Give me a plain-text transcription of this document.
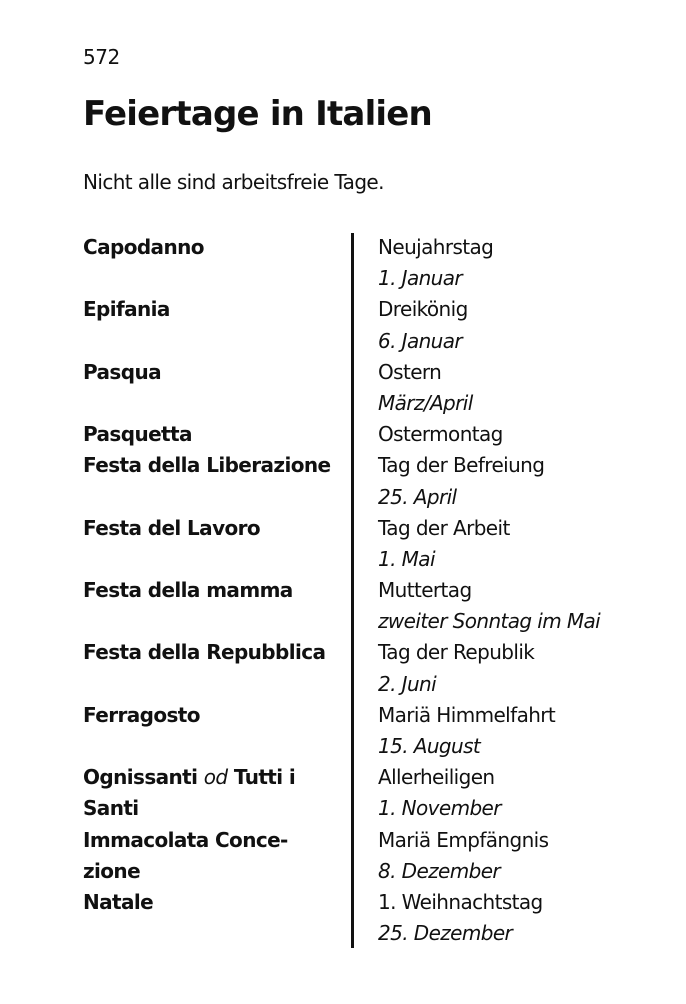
572
Feiertage in Italien

Nicht alle sind arbeitsfreie Tage.

Capodanno
Epifania
Pasqua
Pasquetta
Festa della Liberazione
Festa del Lavoro
Festa della mamma
Festa della Repubblica
Ferragosto
Ognissanti od Tutti i
Santi
Immacolata Conce-
zione
Natale
Neujahrstag
1. Januar
Dreikönig
6. Januar
Ostern
März/April
Ostermontag
Tag der Befreiung
25. April
Tag der Arbeit
1. Mai
Muttertag
zweiter Sonntag im Mai
Tag der Republik
2. Juni
Mariä Himmelfahrt
15. August
Allerheiligen
1. November
Mariä Empfängnis
8. Dezember
1. Weihnachtstag
25. Dezember
